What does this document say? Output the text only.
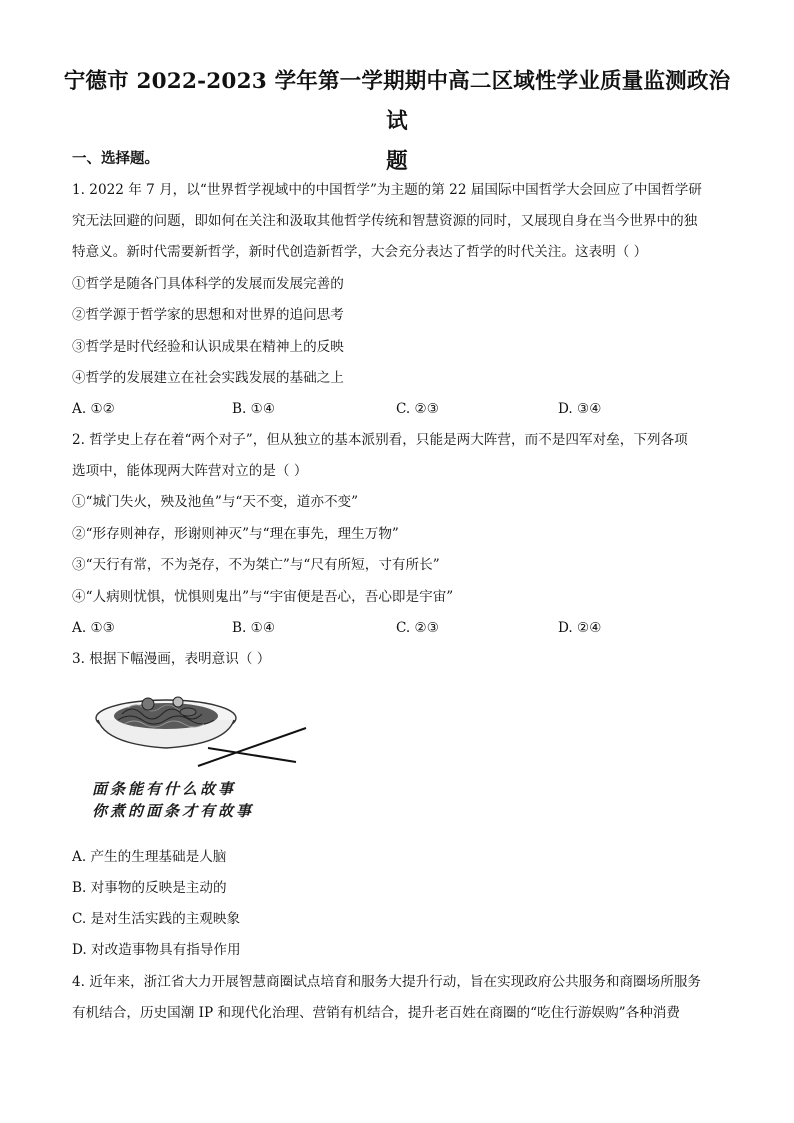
宁德市 2022-2023 学年第一学期期中高二区域性学业质量监测政治试
题
一、选择题。
1. 2022 年 7 月，以“世界哲学视域中的中国哲学”为主题的第 22 届国际中国哲学大会回应了中国哲学研
究无法回避的问题，即如何在关注和汲取其他哲学传统和智慧资源的同时，又展现自身在当今世界中的独
特意义。新时代需要新哲学，新时代创造新哲学，大会充分表达了哲学的时代关注。这表明（ ）
①哲学是随各门具体科学的发展而发展完善的
②哲学源于哲学家的思想和对世界的追问思考
③哲学是时代经验和认识成果在精神上的反映
④哲学的发展建立在社会实践发展的基础之上
A. ①②	B. ①④	C. ②③	D. ③④
2. 哲学史上存在着“两个对子”，但从独立的基本派别看，只能是两大阵营，而不是四军对垒，下列各项
选项中，能体现两大阵营对立的是（ ）
①“城门失火，殃及池鱼”与“天不变，道亦不变”
②“形存则神存，形谢则神灭”与“理在事先，理生万物”
③“天行有常，不为尧存，不为桀亡”与“尺有所短，寸有所长”
④“人病则忧惧，忧惧则鬼出”与“宇宙便是吾心，吾心即是宇宙”
A. ①③	B. ①④	C. ②③	D. ②④
3. 根据下幅漫画，表明意识（ ）
面条能有什么故事
你煮的面条才有故事
A. 产生的生理基础是人脑
B. 对事物的反映是主动的
C. 是对生活实践的主观映象
D. 对改造事物具有指导作用
4. 近年来，浙江省大力开展智慧商圈试点培育和服务大提升行动，旨在实现政府公共服务和商圈场所服务
有机结合，历史国潮 IP 和现代化治理、营销有机结合，提升老百姓在商圈的“吃住行游娱购”各种消费
